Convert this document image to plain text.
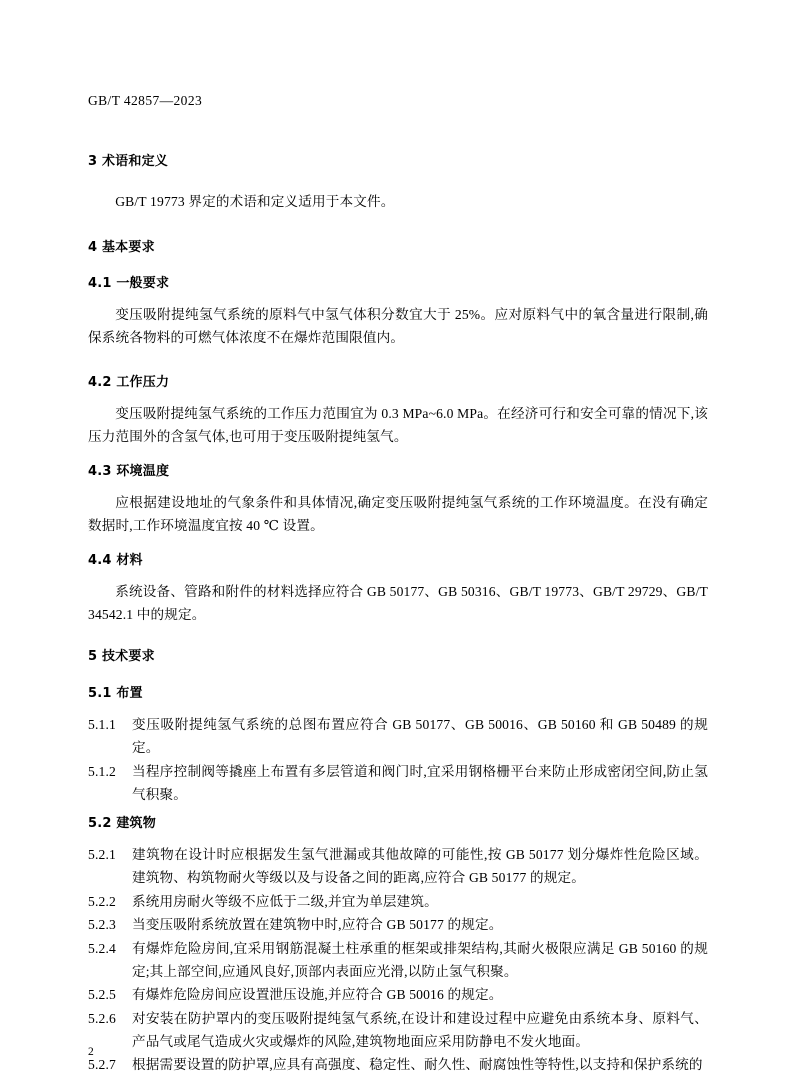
GB/T 42857—2023
3 术语和定义

GB/T 19773 界定的术语和定义适用于本文件。

4 基本要求
4.1 一般要求

变压吸附提纯氢气系统的原料气中氢气体积分数宜大于 25%。应对原料气中的氧含量进行限制,确保系统各物料的可燃气体浓度不在爆炸范围限值内。

4.2 工作压力

变压吸附提纯氢气系统的工作压力范围宜为 0.3 MPa~6.0 MPa。在经济可行和安全可靠的情况下,该压力范围外的含氢气体,也可用于变压吸附提纯氢气。

4.3 环境温度

应根据建设地址的气象条件和具体情况,确定变压吸附提纯氢气系统的工作环境温度。在没有确定数据时,工作环境温度宜按 40 ℃ 设置。

4.4 材料

系统设备、管路和附件的材料选择应符合 GB 50177、GB 50316、GB/T 19773、GB/T 29729、GB/T 34542.1 中的规定。

5 技术要求
5.1 布置
5.1.1	变压吸附提纯氢气系统的总图布置应符合 GB 50177、GB 50016、GB 50160 和 GB 50489 的规定。
5.1.2	当程序控制阀等撬座上布置有多层管道和阀门时,宜采用钢格栅平台来防止形成密闭空间,防止氢气积聚。
5.2 建筑物
5.2.1	建筑物在设计时应根据发生氢气泄漏或其他故障的可能性,按 GB 50177 划分爆炸性危险区域。建筑物、构筑物耐火等级以及与设备之间的距离,应符合 GB 50177 的规定。
5.2.2	系统用房耐火等级不应低于二级,并宜为单层建筑。
5.2.3	当变压吸附系统放置在建筑物中时,应符合 GB 50177 的规定。
5.2.4	有爆炸危险房间,宜采用钢筋混凝土柱承重的框架或排架结构,其耐火极限应满足 GB 50160 的规定;其上部空间,应通风良好,顶部内表面应光滑,以防止氢气积聚。
5.2.5	有爆炸危险房间应设置泄压设施,并应符合 GB 50016 的规定。
5.2.6	对安装在防护罩内的变压吸附提纯氢气系统,在设计和建设过程中应避免由系统本身、原料气、产品气或尾气造成火灾或爆炸的风险,建筑物地面应采用防静电不发火地面。
5.2.7	根据需要设置的防护罩,应具有高强度、稳定性、耐久性、耐腐蚀性等特性,以支持和保护系统的
2
